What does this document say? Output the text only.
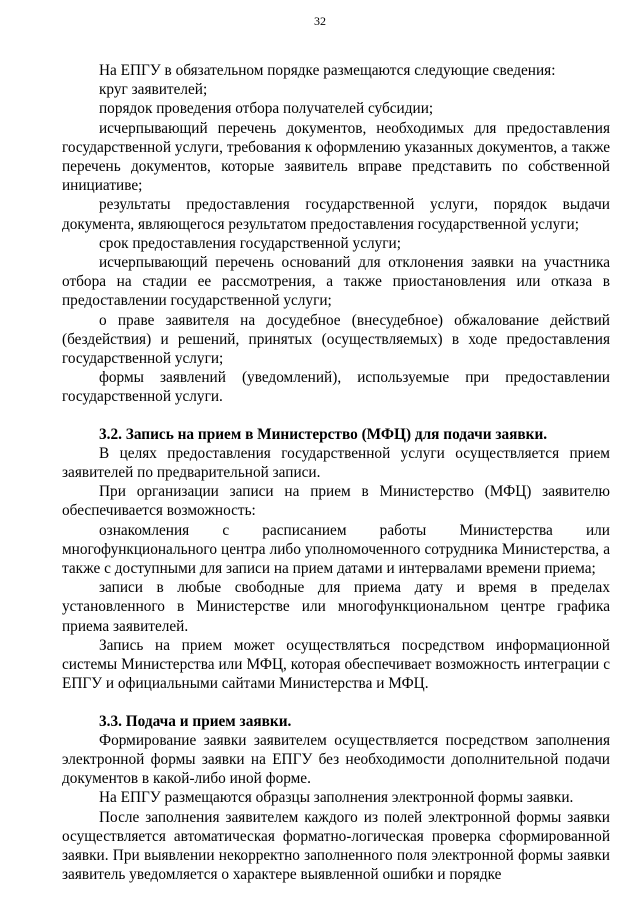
32

На ЕПГУ в обязательном порядке размещаются следующие сведения:

круг заявителей;

порядок проведения отбора получателей субсидии;

исчерпывающий перечень документов, необходимых для предоставления государственной услуги, требования к оформлению указанных документов, а также перечень документов, которые заявитель вправе представить по собственной инициативе;

результаты предоставления государственной услуги, порядок выдачи документа, являющегося результатом предоставления государственной услуги;

срок предоставления государственной услуги;

исчерпывающий перечень оснований для отклонения заявки на участника отбора на стадии ее рассмотрения, а также приостановления или отказа в предоставлении государственной услуги;

о праве заявителя на досудебное (внесудебное) обжалование действий (бездействия) и решений, принятых (осуществляемых) в ходе предоставления государственной услуги;

формы заявлений (уведомлений), используемые при предоставлении государственной услуги.

3.2. Запись на прием в Министерство (МФЦ) для подачи заявки.

В целях предоставления государственной услуги осуществляется прием заявителей по предварительной записи.

При организации записи на прием в Министерство (МФЦ) заявителю обеспечивается возможность:

ознакомления с расписанием работы Министерства или многофункционального центра либо уполномоченного сотрудника Министерства, а также с доступными для записи на прием датами и интервалами времени приема;

записи в любые свободные для приема дату и время в пределах установленного в Министерстве или многофункциональном центре графика приема заявителей.

Запись на прием может осуществляться посредством информационной системы Министерства или МФЦ, которая обеспечивает возможность интеграции с ЕПГУ и официальными сайтами Министерства и МФЦ.

3.3. Подача и прием заявки.

Формирование заявки заявителем осуществляется посредством заполнения электронной формы заявки на ЕПГУ без необходимости дополнительной подачи документов в какой-либо иной форме.

На ЕПГУ размещаются образцы заполнения электронной формы заявки.

После заполнения заявителем каждого из полей электронной формы заявки осуществляется автоматическая форматно-логическая проверка сформированной заявки. При выявлении некорректно заполненного поля электронной формы заявки заявитель уведомляется о характере выявленной ошибки и порядке
